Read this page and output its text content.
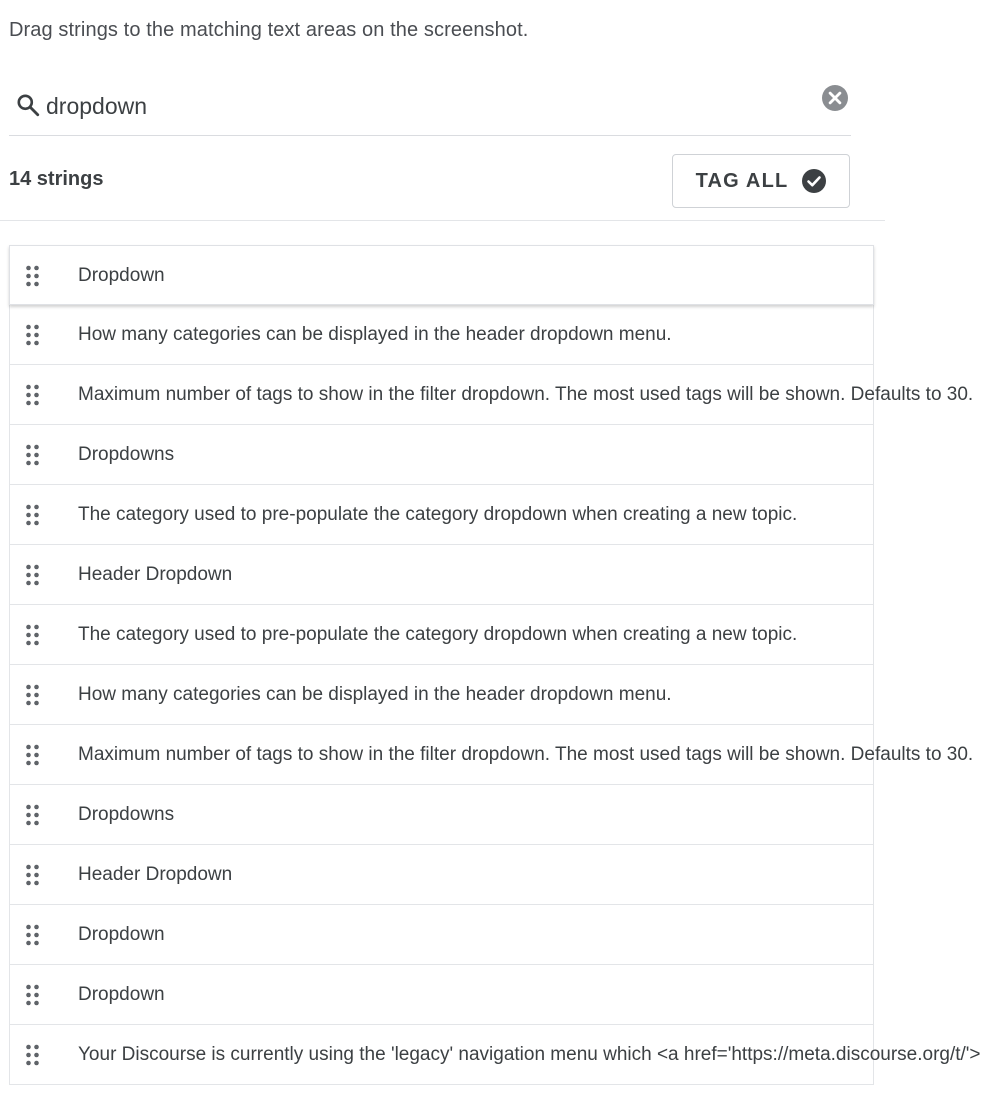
Drag strings to the matching text areas on the screenshot.
dropdown
14 strings	TAG ALL
Dropdown
How many categories can be displayed in the header dropdown menu.
Maximum number of tags to show in the filter dropdown. The most used tags will be shown. Defaults to 30.
Dropdowns
The category used to pre-populate the category dropdown when creating a new topic.
Header Dropdown
The category used to pre-populate the category dropdown when creating a new topic.
How many categories can be displayed in the header dropdown menu.
Maximum number of tags to show in the filter dropdown. The most used tags will be shown. Defaults to 30.
Dropdowns
Header Dropdown
Dropdown
Dropdown
Your Discourse is currently using the 'legacy' navigation menu which <a href='https://meta.discourse.org/t/'>
